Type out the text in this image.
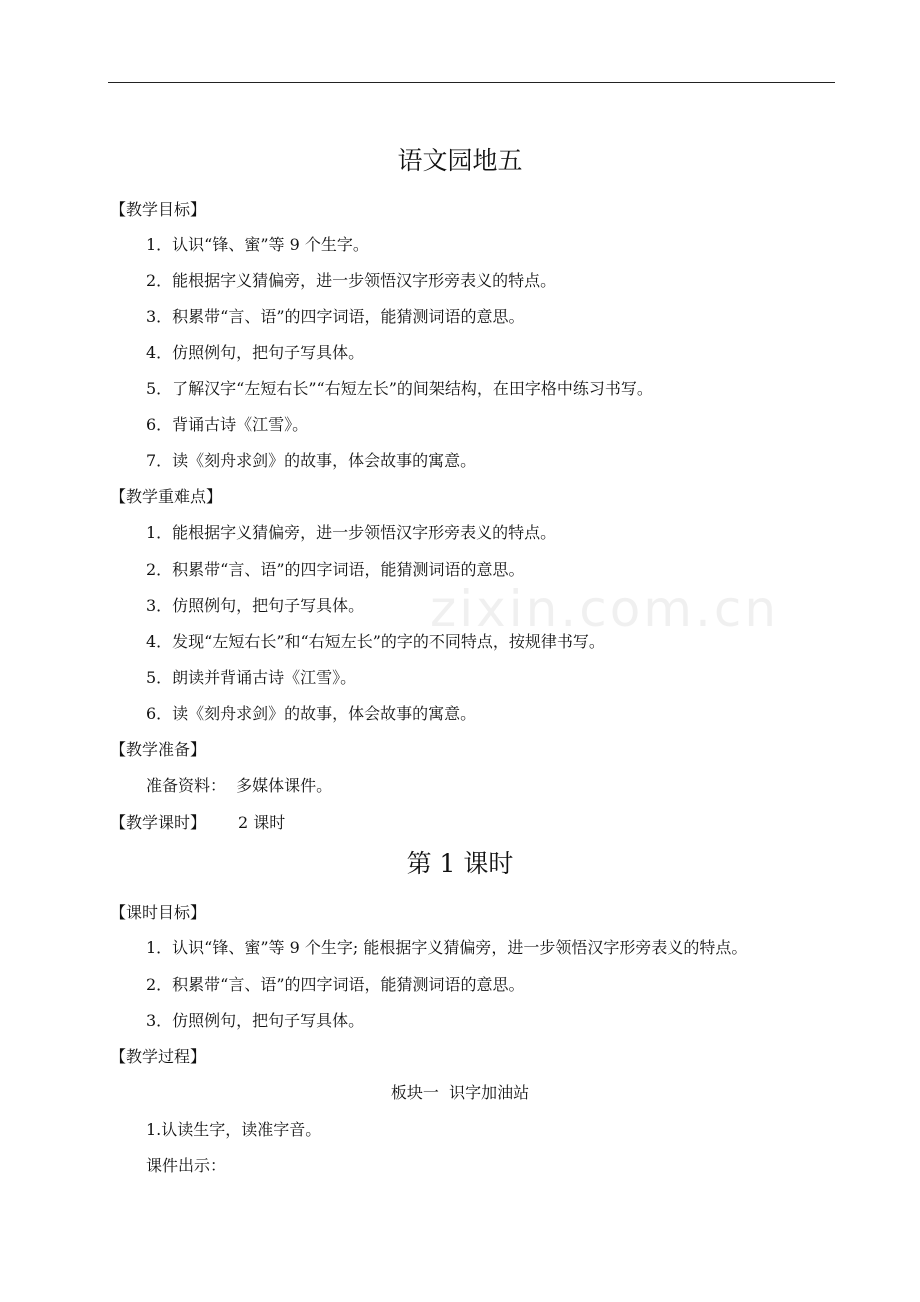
zixin.com.cn
语文园地五
【教学目标】
1．认识“锋、蜜”等 9 个生字。
2．能根据字义猜偏旁，进一步领悟汉字形旁表义的特点。
3．积累带“言、语”的四字词语，能猜测词语的意思。
4．仿照例句，把句子写具体。
5．了解汉字“左短右长”“右短左长”的间架结构，在田字格中练习书写。
6．背诵古诗《江雪》。
7．读《刻舟求剑》的故事，体会故事的寓意。
【教学重难点】
1．能根据字义猜偏旁，进一步领悟汉字形旁表义的特点。
2．积累带“言、语”的四字词语，能猜测词语的意思。
3．仿照例句，把句子写具体。
4．发现“左短右长”和“右短左长”的字的不同特点，按规律书写。
5．朗读并背诵古诗《江雪》。
6．读《刻舟求剑》的故事，体会故事的寓意。
【教学准备】
准备资料：  多媒体课件。
【教学课时】 2 课时
第 1 课时
【课时目标】
1．认识“锋、蜜”等 9 个生字; 能根据字义猜偏旁，进一步领悟汉字形旁表义的特点。
2．积累带“言、语”的四字词语，能猜测词语的意思。
3．仿照例句，把句子写具体。
【教学过程】
板块一  识字加油站
1.认读生字，读准字音。
课件出示：
